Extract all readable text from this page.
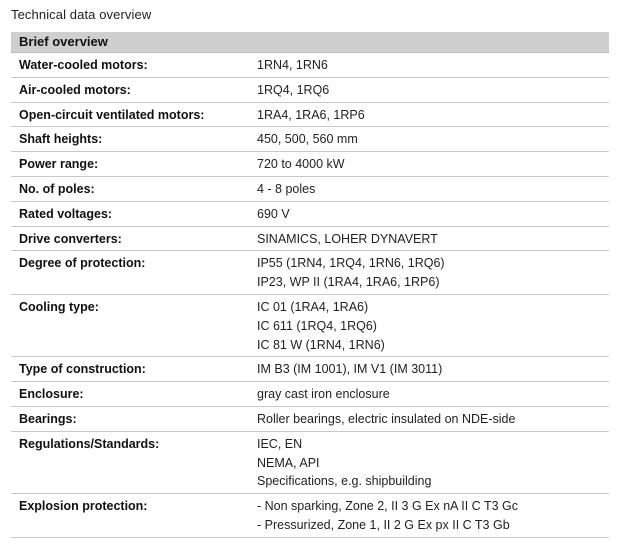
Technical data overview
Brief overview	
Water-cooled motors:	1RN4, 1RN6

Air-cooled motors:	1RQ4, 1RQ6

Open-circuit ventilated motors:	1RA4, 1RA6, 1RP6

Shaft heights:	450, 500, 560 mm

Power range:	720 to 4000 kW

No. of poles:	4 - 8 poles

Rated voltages:	690 V

Drive converters:	SINAMICS, LOHER DYNAVERT

Degree of protection:	IP55 (1RN4, 1RQ4, 1RN6, 1RQ6)
IP23, WP II (1RA4, 1RA6, 1RP6)

Cooling type:	IC 01 (1RA4, 1RA6)
IC 611 (1RQ4, 1RQ6)
IC 81 W (1RN4, 1RN6)

Type of construction:	IM B3 (IM 1001), IM V1 (IM 3011)

Enclosure:	gray cast iron enclosure

Bearings:	Roller bearings, electric insulated on NDE-side

Regulations/Standards:	IEC, EN
NEMA, API
Specifications, e.g. shipbuilding

Explosion protection:	- Non sparking, Zone 2, II 3 G Ex nA II C T3 Gc
- Pressurized, Zone 1, II 2 G Ex px II C T3 Gb
